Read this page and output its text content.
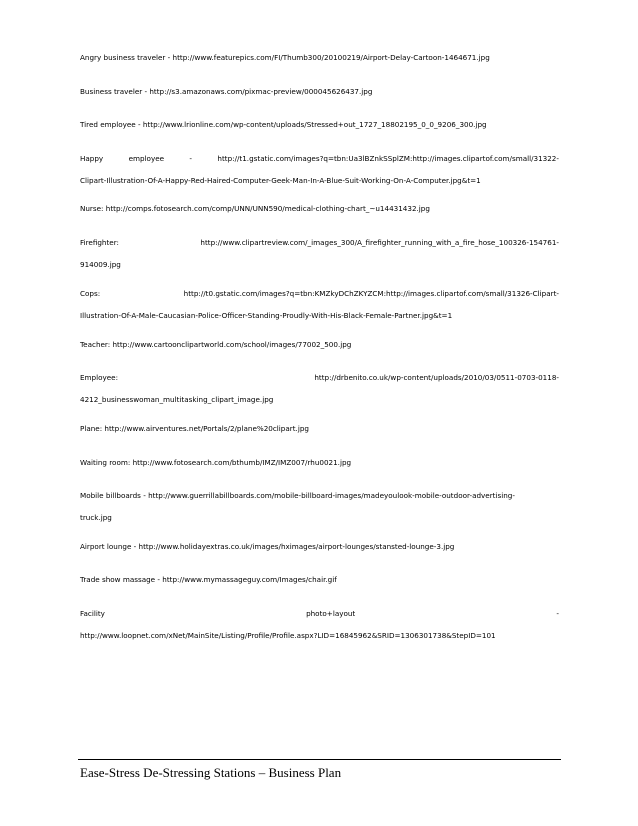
Angry business traveler - http://www.featurepics.com/FI/Thumb300/20100219/Airport-Delay-Cartoon-1464671.jpg
Business traveler - http://s3.amazonaws.com/pixmac-preview/000045626437.jpg
Tired employee - http://www.lrionline.com/wp-content/uploads/Stressed+out_1727_18802195_0_0_9206_300.jpg
Happy	employee	-	http://t1.gstatic.com/images?q=tbn:Ua3lBZnkSSplZM:http://images.clipartof.com/small/31322-
Clipart-Illustration-Of-A-Happy-Red-Haired-Computer-Geek-Man-In-A-Blue-Suit-Working-On-A-Computer.jpg&t=1
Nurse: http://comps.fotosearch.com/comp/UNN/UNN590/medical-clothing-chart_~u14431432.jpg
Firefighter:	http://www.clipartreview.com/_images_300/A_firefighter_running_with_a_fire_hose_100326-154761-
914009.jpg
Cops:	http://t0.gstatic.com/images?q=tbn:KMZkyDChZKYZCM:http://images.clipartof.com/small/31326-Clipart-
Illustration-Of-A-Male-Caucasian-Police-Officer-Standing-Proudly-With-His-Black-Female-Partner.jpg&t=1
Teacher: http://www.cartoonclipartworld.com/school/images/77002_500.jpg
Employee:	http://drbenito.co.uk/wp-content/uploads/2010/03/0511-0703-0118-
4212_businesswoman_multitasking_clipart_image.jpg
Plane: http://www.airventures.net/Portals/2/plane%20clipart.jpg
Waiting room: http://www.fotosearch.com/bthumb/IMZ/IMZ007/rhu0021.jpg
Mobile billboards - http://www.guerrillabillboards.com/mobile-billboard-images/madeyoulook-mobile-outdoor-advertising-
truck.jpg
Airport lounge - http://www.holidayextras.co.uk/images/hximages/airport-lounges/stansted-lounge-3.jpg
Trade show massage - http://www.mymassageguy.com/Images/chair.gif
Facility	photo+layout	-
http://www.loopnet.com/xNet/MainSite/Listing/Profile/Profile.aspx?LID=16845962&SRID=1306301738&StepID=101
Ease-Stress De-Stressing Stations – Business Plan
